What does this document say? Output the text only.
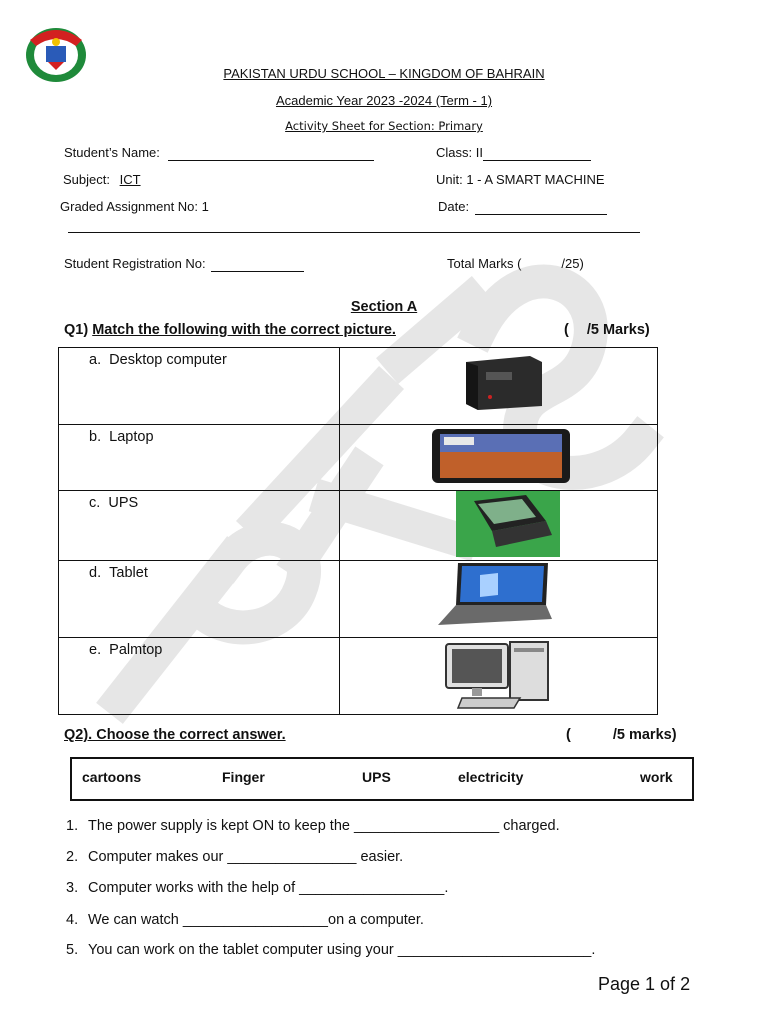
PAKISTAN URDU SCHOOL – KINGDOM OF BAHRAIN
Academic Year 2023 -2024 (Term - 1)
Activity Sheet for Section: Primary
Student’s Name:	Class: II
Subject: ICT	Unit: 1 - A SMART MACHINE
Graded Assignment No: 1	Date:
Student Registration No:	Total Marks (	/25)
Section A
Q1) Match the following with the correct picture.	( /5 Marks)
a. Desktop computer	

b. Laptop	

c. UPS	

d. Tablet	

e. Palmtop	
Q2). Choose the correct answer.	(	/5 marks)
cartoons	Finger	UPS	electricity	work
1. The power supply is kept ON to keep the __________________ charged.
2. Computer makes our ________________ easier.
3. Computer works with the help of __________________.
4. We can watch __________________on a computer.
5. You can work on the tablet computer using your ________________________.
Page 1 of 2
